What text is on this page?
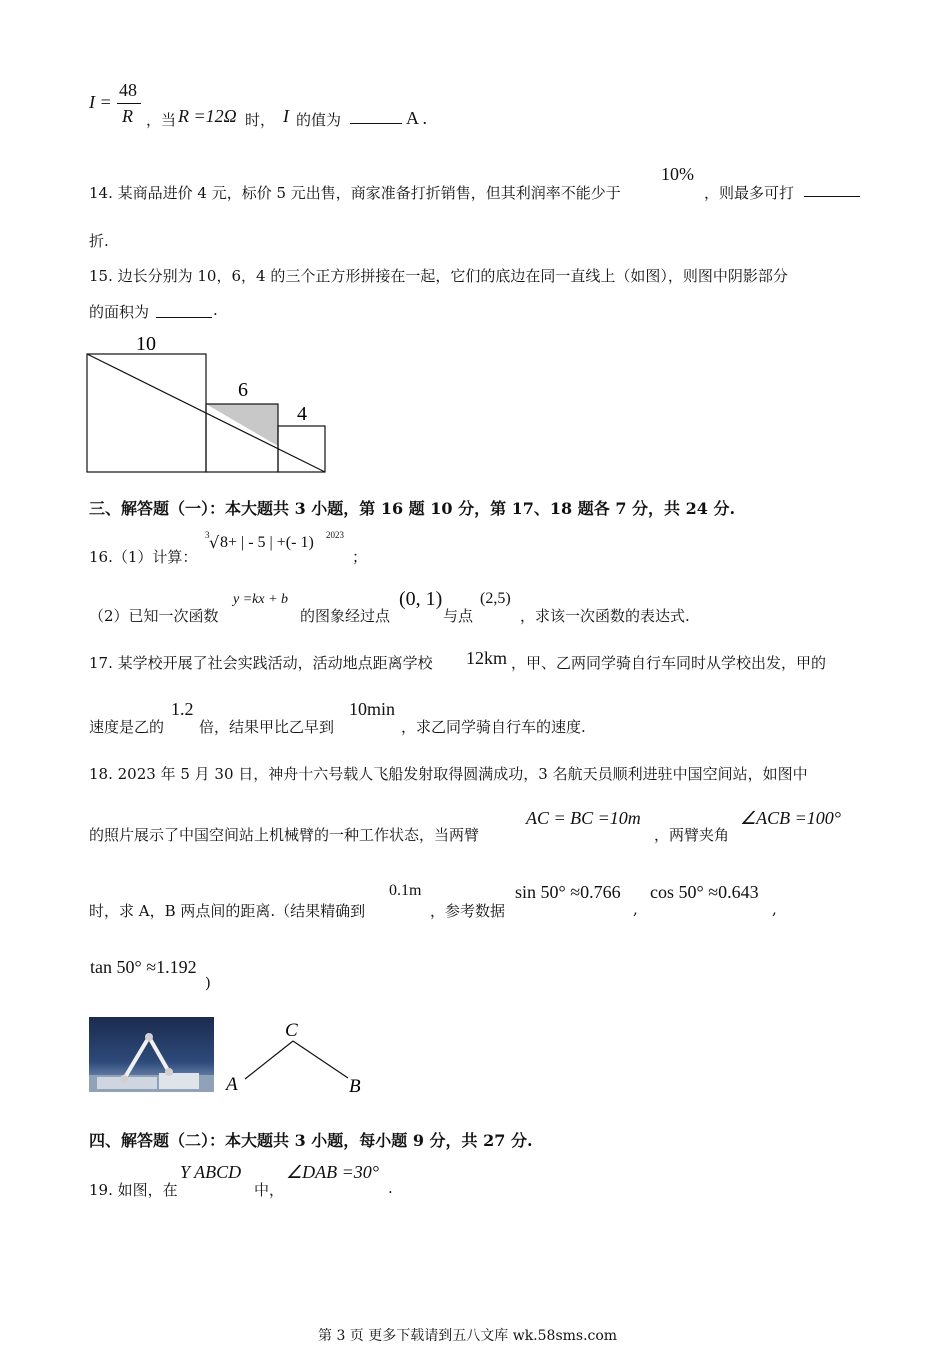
I =
48
R ，当 R =12Ω 时， I 的值为	A .
14. 某商品进价 4 元，标价 5 元出售，商家准备打折销售，但其利润率不能少于
10%
，则最多可打
折.
15. 边长分别为 10，6，4 的三个正方形拼接在一起，它们的底边在同一直线上（如图），则图中阴影部分
的面积为	.
10
6
4
三、解答题（一）：本大题共 3 小题，第 16 题 10 分，第 17、18 题各 7 分，共 24 分.
16.（1）计算：
3 √ 8+ | - 5 | +(- 1) 2023
；
（2）已知一次函数
y =kx + b
的图象经过点
(0, 1)
与点
(2,5)
，求该一次函数的表达式.
17. 某学校开展了社会实践活动，活动地点距离学校 12km ，甲、乙两同学骑自行车同时从学校出发，甲的
速度是乙的
1.2
倍，结果甲比乙早到
10min
，求乙同学骑自行车的速度.
18. 2023 年 5 月 30 日，神舟十六号载人飞船发射取得圆满成功，3 名航天员顺利进驻中国空间站，如图中
的照片展示了中国空间站上机械臂的一种工作状态，当两臂
AC = BC =10m
，两臂夹角
∠ACB =100°
时，求 A，B 两点间的距离.（结果精确到
0.1m
，参考数据
sin 50° ≈0.766
,
cos 50° ≈0.643
,
tan 50° ≈1.192
)
C
A	B
四、解答题（二）：本大题共 3 小题，每小题 9 分，共 27 分.
19. 如图，在
Y ABCD
中，
∠DAB =30°
.
第 3 页 更多下载请到五八文库 wk.58sms.com
